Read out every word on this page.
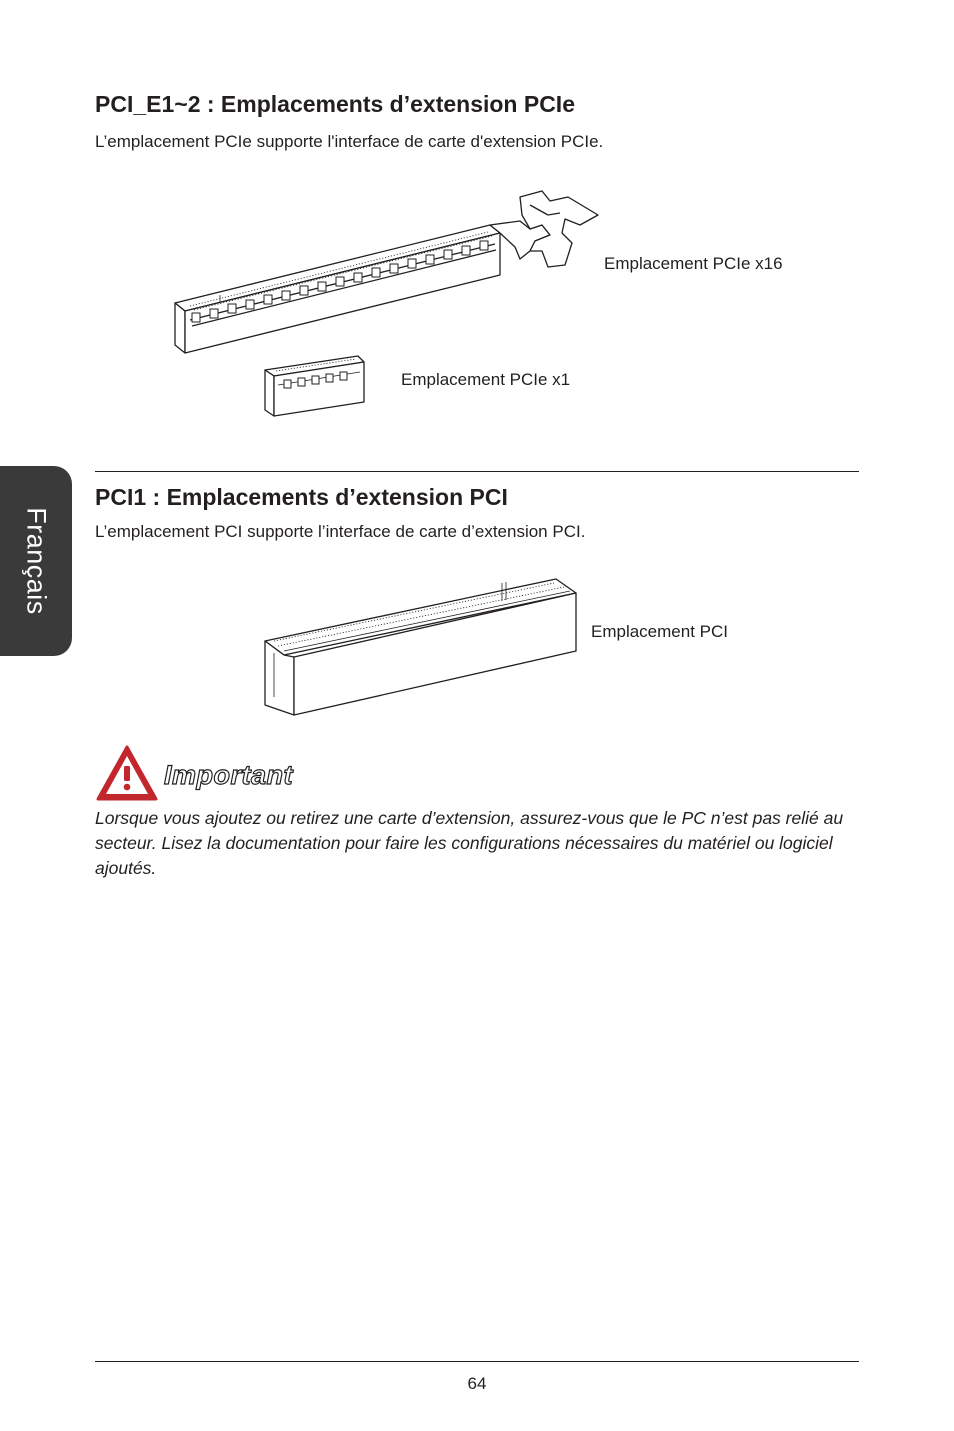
Français
PCI_E1~2 : Emplacements d’extension PCIe

L’emplacement PCIe supporte l'interface de carte d'extension PCIe.

Emplacement PCIe x16
Emplacement PCIe x1
PCI1 : Emplacements d’extension PCI

L’emplacement PCI supporte l’interface de carte d’extension PCI.

Emplacement PCI
Important

Lorsque vous ajoutez ou retirez une carte d’extension, assurez-vous que le PC n’est pas relié au secteur. Lisez la documentation pour faire les configurations nécessaires du matériel ou logiciel ajoutés.

64
